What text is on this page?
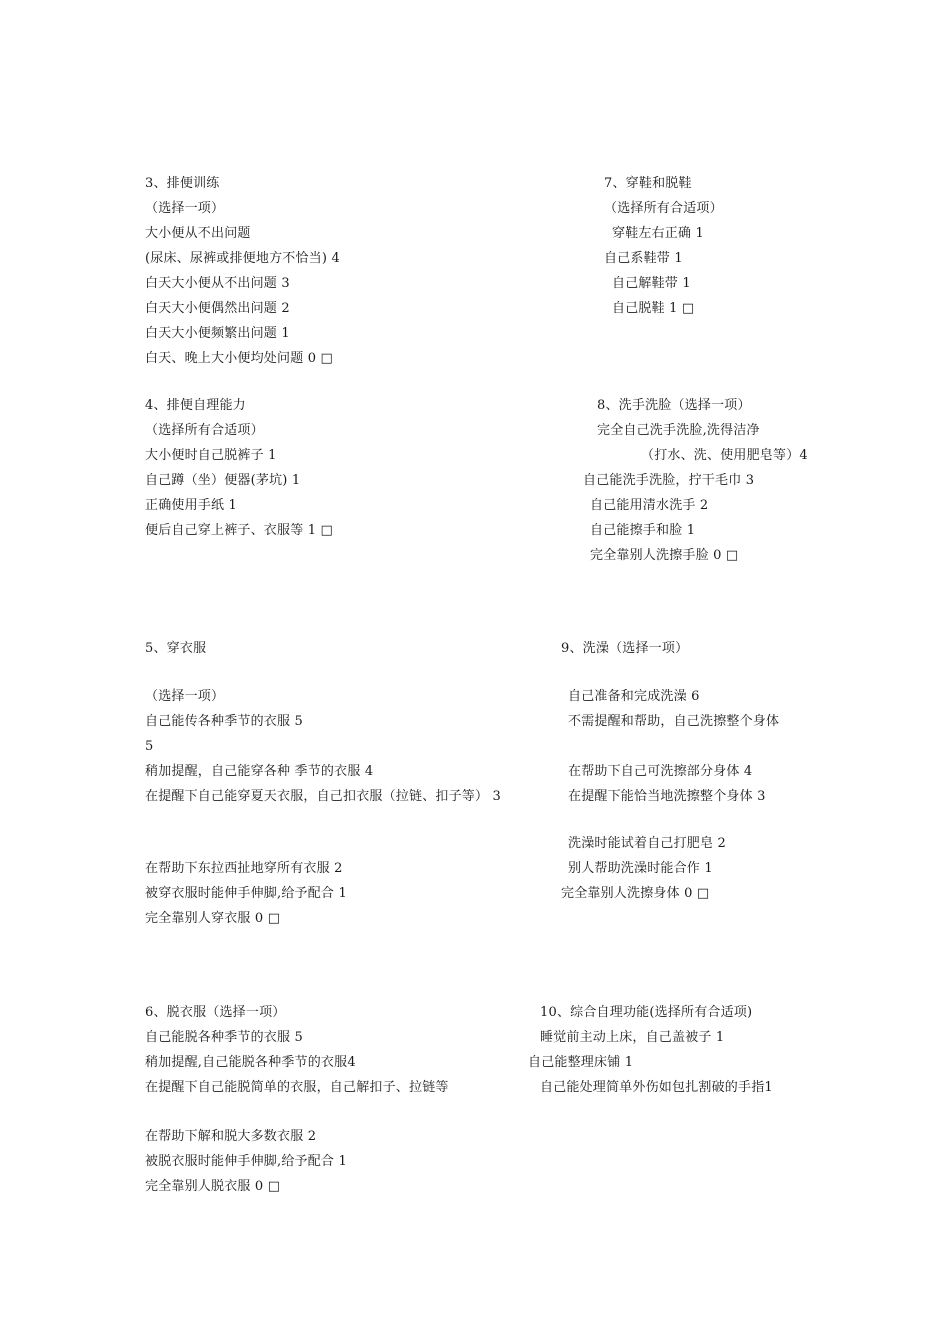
3、排便训练
（选择一项）
大小便从不出问题
(尿床、尿裤或排便地方不恰当) 4
白天大小便从不出问题 3
白天大小便偶然出问题 2
白天大小便频繁出问题 1
白天、晚上大小便均处问题 0 □
7、穿鞋和脱鞋
（选择所有合适项）
穿鞋左右正确 1
自己系鞋带 1
自己解鞋带 1
自己脱鞋 1 □
4、排便自理能力
（选择所有合适项）
大小便时自己脱裤子 1
自己蹲（坐）便器(茅坑) 1
正确使用手纸 1
便后自己穿上裤子、衣服等 1 □
8、洗手洗脸（选择一项）
完全自己洗手洗脸,洗得洁净
（打水、洗、使用肥皂等）4
自己能洗手洗脸，拧干毛巾 3
自己能用清水洗手 2
自己能擦手和脸 1
完全靠别人洗擦手脸 0 □
5、穿衣服
（选择一项）
自己能传各种季节的衣服 5
5
稍加提醒，自己能穿各种 季节的衣服 4
在提醒下自己能穿夏天衣服，自己扣衣服（拉链、扣子等） 3
在帮助下东拉西扯地穿所有衣服 2
被穿衣服时能伸手伸脚,给予配合 1
完全靠别人穿衣服 0 □
9、洗澡（选择一项）
自己准备和完成洗澡 6
不需提醒和帮助，自己洗擦整个身体
在帮助下自己可洗擦部分身体 4
在提醒下能恰当地洗擦整个身体 3
洗澡时能试着自己打肥皂 2
别人帮助洗澡时能合作 1
完全靠别人洗擦身体 0 □
6、脱衣服（选择一项）
自己能脱各种季节的衣服 5
稍加提醒,自己能脱各种季节的衣服4
在提醒下自己能脱简单的衣服，自己解扣子、拉链等
在帮助下解和脱大多数衣服 2
被脱衣服时能伸手伸脚,给予配合 1
完全靠别人脱衣服 0 □
10、综合自理功能(选择所有合适项)
睡觉前主动上床，自己盖被子 1
自己能整理床铺 1
自己能处理简单外伤如包扎割破的手指1
